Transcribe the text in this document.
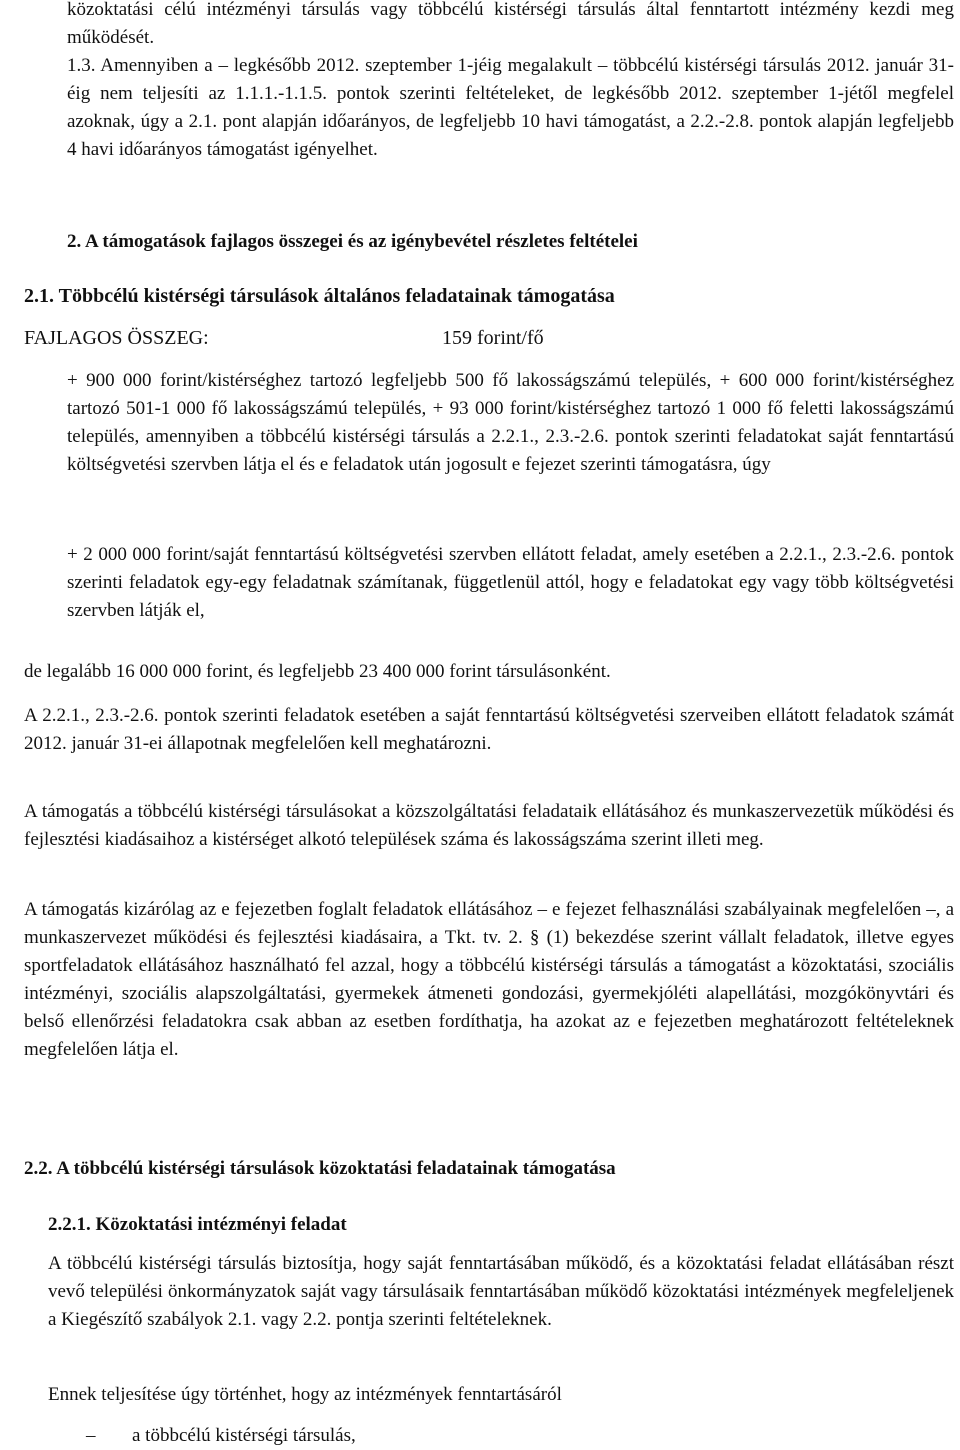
közoktatási célú intézményi társulás vagy többcélú kistérségi társulás által fenntartott intézmény kezdi meg működését.

1.3. Amennyiben a – legkésőbb 2012. szeptember 1-jéig megalakult – többcélú kistérségi társulás 2012. január 31-éig nem teljesíti az 1.1.1.-1.1.5. pontok szerinti feltételeket, de legkésőbb 2012. szeptember 1-jétől megfelel azoknak, úgy a 2.1. pont alapján időarányos, de legfeljebb 10 havi támogatást, a 2.2.-2.8. pontok alapján legfeljebb 4 havi időarányos támogatást igényelhet.

2. A támogatások fajlagos összegei és az igénybevétel részletes feltételei

2.1. Többcélú kistérségi társulások általános feladatainak támogatása

FAJLAGOS ÖSSZEG:	159 forint/fő

+ 900 000 forint/kistérséghez tartozó legfeljebb 500 fő lakosságszámú település, + 600 000 forint/kistérséghez tartozó 501-1 000 fő lakosságszámú település, + 93 000 forint/kistérséghez tartozó 1 000 fő feletti lakosságszámú település, amennyiben a többcélú kistérségi társulás a 2.2.1., 2.3.-2.6. pontok szerinti feladatokat saját fenntartású költségvetési szervben látja el és e feladatok után jogosult e fejezet szerinti támogatásra, úgy

+ 2 000 000 forint/saját fenntartású költségvetési szervben ellátott feladat, amely esetében a 2.2.1., 2.3.-2.6. pontok szerinti feladatok egy-egy feladatnak számítanak, függetlenül attól, hogy e feladatokat egy vagy több költségvetési szervben látják el,

de legalább 16 000 000 forint, és legfeljebb 23 400 000 forint társulásonként.

A 2.2.1., 2.3.-2.6. pontok szerinti feladatok esetében a saját fenntartású költségvetési szerveiben ellátott feladatok számát 2012. január 31-ei állapotnak megfelelően kell meghatározni.

A támogatás a többcélú kistérségi társulásokat a közszolgáltatási feladataik ellátásához és munkaszervezetük működési és fejlesztési kiadásaihoz a kistérséget alkotó települések száma és lakosságszáma szerint illeti meg.

A támogatás kizárólag az e fejezetben foglalt feladatok ellátásához – e fejezet felhasználási szabályainak megfelelően –, a munkaszervezet működési és fejlesztési kiadásaira, a Tkt. tv. 2. § (1) bekezdése szerint vállalt feladatok, illetve egyes sportfeladatok ellátásához használható fel azzal, hogy a többcélú kistérségi társulás a támogatást a közoktatási, szociális intézményi, szociális alapszolgáltatási, gyermekek átmeneti gondozási, gyermekjóléti alapellátási, mozgókönyvtári és belső ellenőrzési feladatokra csak abban az esetben fordíthatja, ha azokat az e fejezetben meghatározott feltételeknek megfelelően látja el.

2.2. A többcélú kistérségi társulások közoktatási feladatainak támogatása

2.2.1. Közoktatási intézményi feladat

A többcélú kistérségi társulás biztosítja, hogy saját fenntartásában működő, és a közoktatási feladat ellátásában részt vevő települési önkormányzatok saját vagy társulásaik fenntartásában működő közoktatási intézmények megfeleljenek a Kiegészítő szabályok 2.1. vagy 2.2. pontja szerinti feltételeknek.

Ennek teljesítése úgy történhet, hogy az intézmények fenntartásáról

– a többcélú kistérségi társulás,
